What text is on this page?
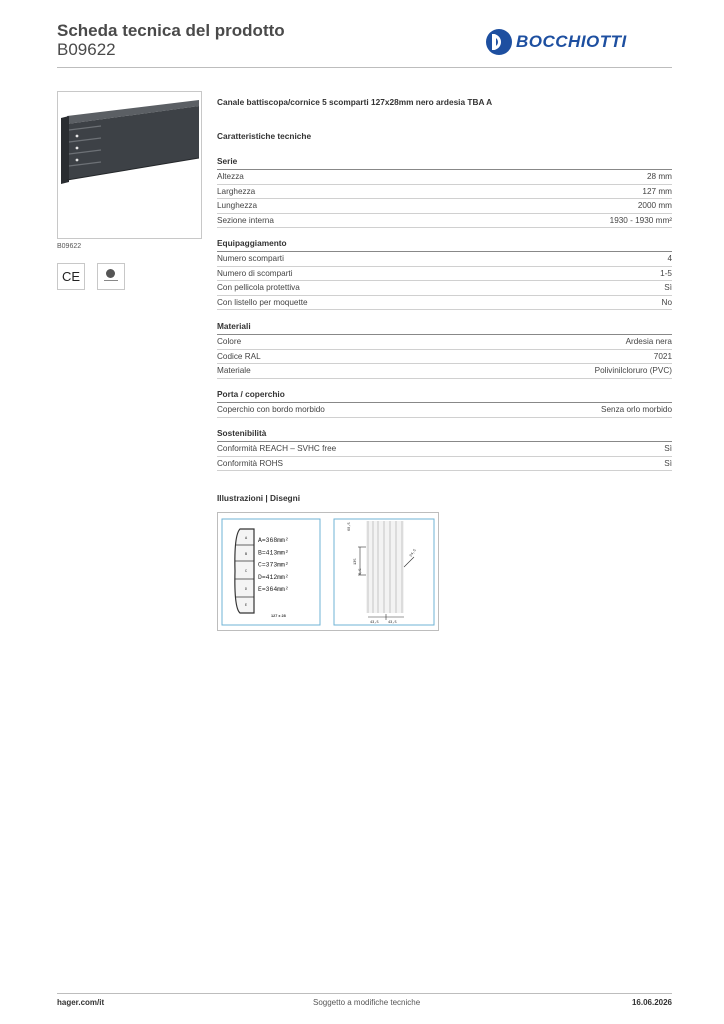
Scheda tecnica del prodotto
B09622	BOCCHIOTTI
B09622
CE
Canale battiscopa/cornice 5 scomparti 127x28mm nero ardesia TBA A
Caratteristiche tecniche
Serie
Altezza	28 mm
Larghezza	127 mm
Lunghezza	2000 mm
Sezione interna	1930 - 1930 mm²
Equipaggiamento
Numero scomparti	4
Numero di scomparti	1-5
Con pellicola protettiva	Sì
Con listello per moquette	No
Materiali
Colore	Ardesia nera
Codice RAL	7021
Materiale	Polivinilcloruro (PVC)
Porta / coperchio
Coperchio con bordo morbido	Senza orlo morbido
Sostenibilità
Conformità REACH – SVHC free	Sì
Conformità ROHS	Sì
Illustrazioni | Disegni
A
B
C
D
E
A=368mm²
B=413mm²
C=373mm²
D=412mm²
E=364mm²
127 x 28
60,5
135
4,5
24,5
43,5	43,5
hager.com/it	Soggetto a modifiche tecniche	16.06.2026
